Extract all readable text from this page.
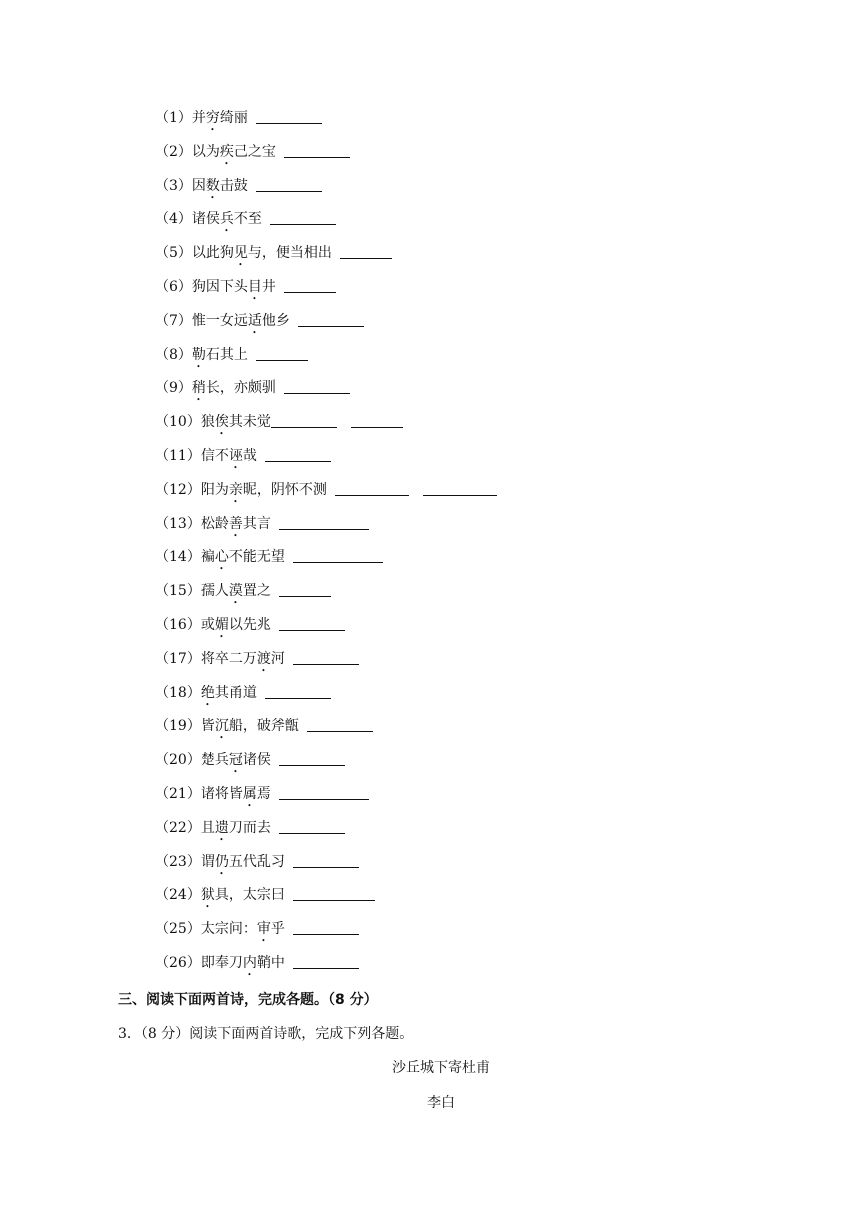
（1） 并穷绮丽
（2） 以为疾己之宝
（3） 因数击鼓
（4） 诸侯兵不至
（5） 以此狗见与，便当相出
（6） 狗因下头目井
（7） 惟一女远适他乡
（8） 勒石其上
（9） 稍长，亦颇驯
（10） 狼俟其未觉
（11） 信不诬哉
（12） 阳为亲昵，阴怀不测
（13） 松龄善其言
（14） 褊心不能无望
（15） 孺人漠置之
（16） 或媚以先兆
（17） 将卒二万渡河
（18） 绝其甬道
（19） 皆沉船，破斧甑
（20） 楚兵冠诸侯
（21） 诸将皆属焉
（22） 且遗刀而去
（23） 谓仍五代乱习
（24） 狱具，太宗曰
（25） 太宗问：审乎
（26） 即奉刀内鞘中
三、阅读下面两首诗，完成各题。（8 分）
3．（8 分）阅读下面两首诗歌，完成下列各题。
沙丘城下寄杜甫
李白
